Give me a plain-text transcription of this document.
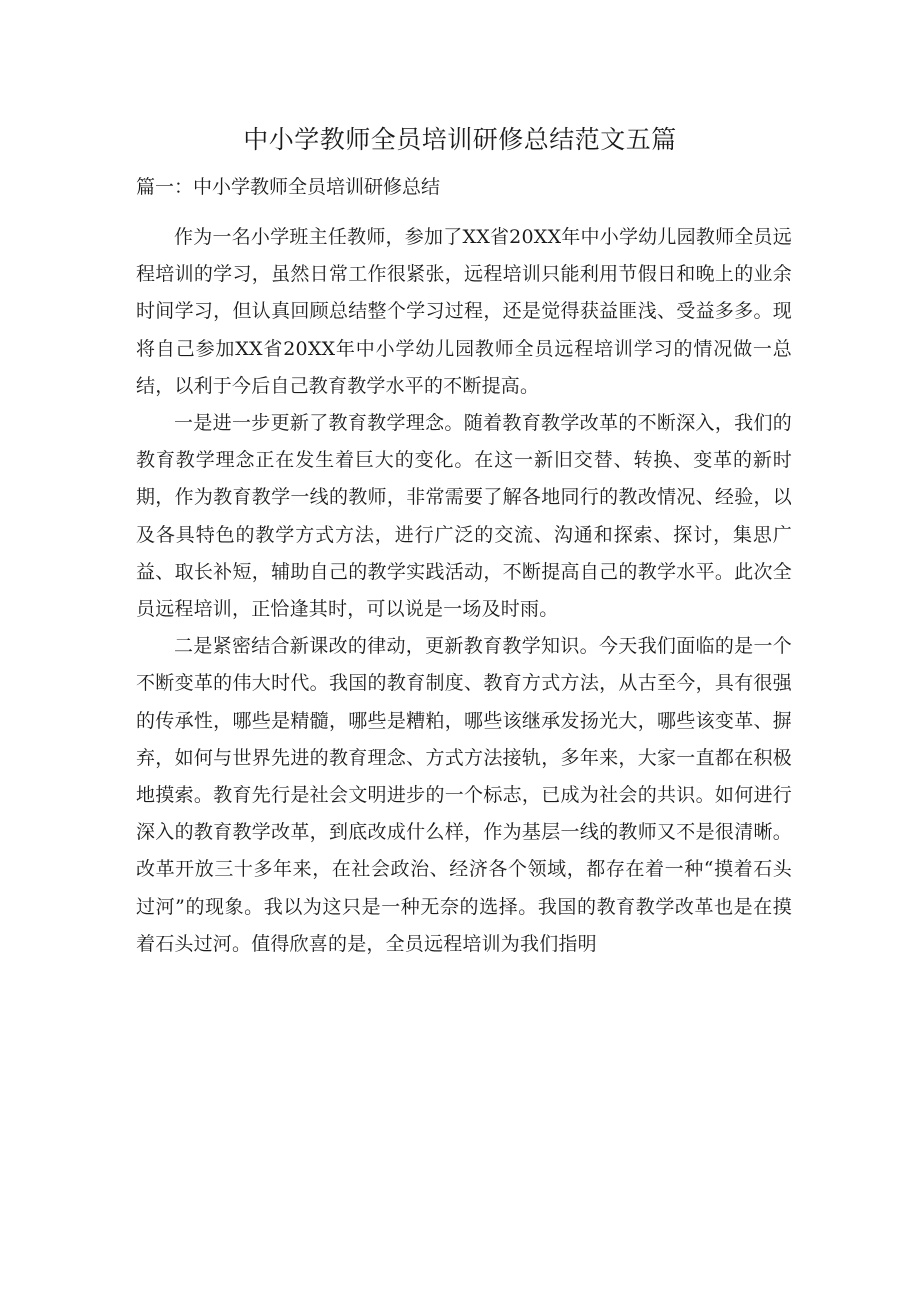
中小学教师全员培训研修总结范文五篇
篇一：中小学教师全员培训研修总结

作为一名小学班主任教师，参加了XX省20XX年中小学幼儿园教师全员远程培训的学习，虽然日常工作很紧张，远程培训只能利用节假日和晚上的业余时间学习，但认真回顾总结整个学习过程，还是觉得获益匪浅、受益多多。现将自己参加XX省20XX年中小学幼儿园教师全员远程培训学习的情况做一总结，以利于今后自己教育教学水平的不断提高。

一是进一步更新了教育教学理念。随着教育教学改革的不断深入，我们的教育教学理念正在发生着巨大的变化。在这一新旧交替、转换、变革的新时期，作为教育教学一线的教师，非常需要了解各地同行的教改情况、经验，以及各具特色的教学方式方法，进行广泛的交流、沟通和探索、探讨，集思广益、取长补短，辅助自己的教学实践活动，不断提高自己的教学水平。此次全员远程培训，正恰逢其时，可以说是一场及时雨。

二是紧密结合新课改的律动，更新教育教学知识。今天我们面临的是一个不断变革的伟大时代。我国的教育制度、教育方式方法，从古至今，具有很强的传承性，哪些是精髓，哪些是糟粕，哪些该继承发扬光大，哪些该变革、摒弃，如何与世界先进的教育理念、方式方法接轨，多年来，大家一直都在积极地摸索。教育先行是社会文明进步的一个标志，已成为社会的共识。如何进行深入的教育教学改革，到底改成什么样，作为基层一线的教师又不是很清晰。改革开放三十多年来，在社会政治、经济各个领域，都存在着一种“摸着石头过河”的现象。我以为这只是一种无奈的选择。我国的教育教学改革也是在摸着石头过河。值得欣喜的是，全员远程培训为我们指明
